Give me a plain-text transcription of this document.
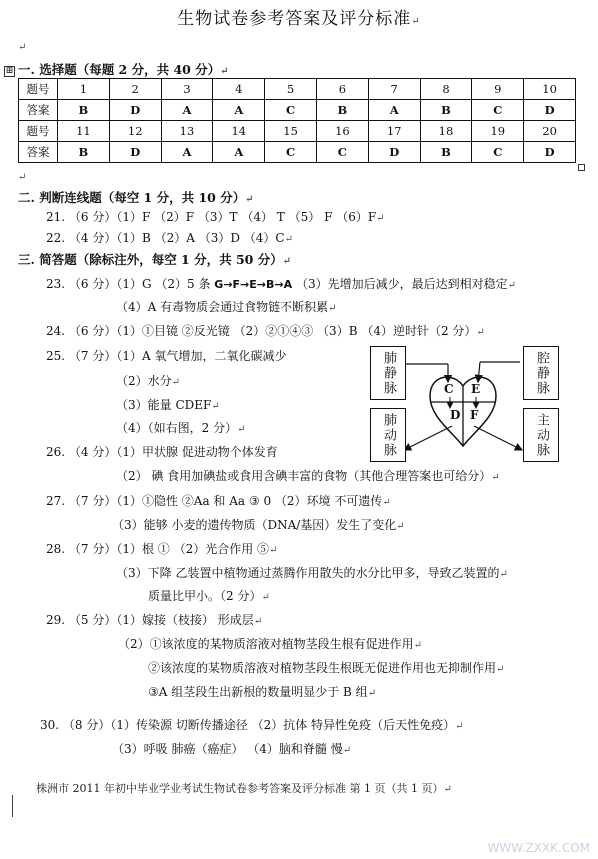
生物试卷参考答案及评分标准↵
↵
⊞ 一. 选择题（每题 2 分，共 40 分）↵
题号	1	2	3	4	5	6	7	8	9	10
答案	B	D	A	A	C	B	A	B	C	D
题号	11	12	13	14	15	16	17	18	19	20
答案	B	D	A	A	C	C	D	B	C	D
↵
二. 判断连线题（每空 1 分，共 10 分）↵
21. （6 分）（1）F （2）F （3）T （4） T （5） F （6）F↵
22. （4 分）（1）B （2）A （3）D （4）C↵
三. 简答题（除标注外，每空 1 分，共 50 分）↵
23. （6 分）（1）G （2）5 条 G→F→E→B→A （3）先增加后减少，最后达到相对稳定↵
（4）A 有毒物质会通过食物链不断积累↵
24. （6 分）（1）①目镜 ②反光镜 （2）②①④③ （3）B （4）逆时针（2 分）↵
25. （7 分）（1）A 氧气增加，二氧化碳减少
（2）水分↵
（3）能量 CDEF↵
（4）（如右图，2 分）↵
肺静脉	腔静脉
肺动脉	主动脉
C E
D F
26. （4 分）（1）甲状腺 促进动物个体发育
（2） 碘 食用加碘盐或食用含碘丰富的食物（其他合理答案也可给分）↵
27. （7 分）（1）①隐性 ②Aa 和 Aa ③ 0 （2）环境 不可遗传↵
（3）能够 小麦的遗传物质（DNA/基因）发生了变化↵
28. （7 分）（1）根 ① （2）光合作用 ⑤↵
（3）下降 乙装置中植物通过蒸腾作用散失的水分比甲多，导致乙装置的↵
质量比甲小。（2 分）↵
29. （5 分）（1）嫁接（枝接） 形成层↵
（2）①该浓度的某物质溶液对植物茎段生根有促进作用↵
②该浓度的某物质溶液对植物茎段生根既无促进作用也无抑制作用↵
③A 组茎段生出新根的数量明显少于 B 组↵
30. （8 分）（1）传染源 切断传播途径 （2）抗体 特异性免疫（后天性免疫）↵
（3）呼吸 肺癌（癌症） （4）脑和脊髓 慢↵
株洲市 2011 年初中毕业学业考试生物试卷参考答案及评分标准 第 1 页（共 1 页）↵
WWW.ZXXK.COM
